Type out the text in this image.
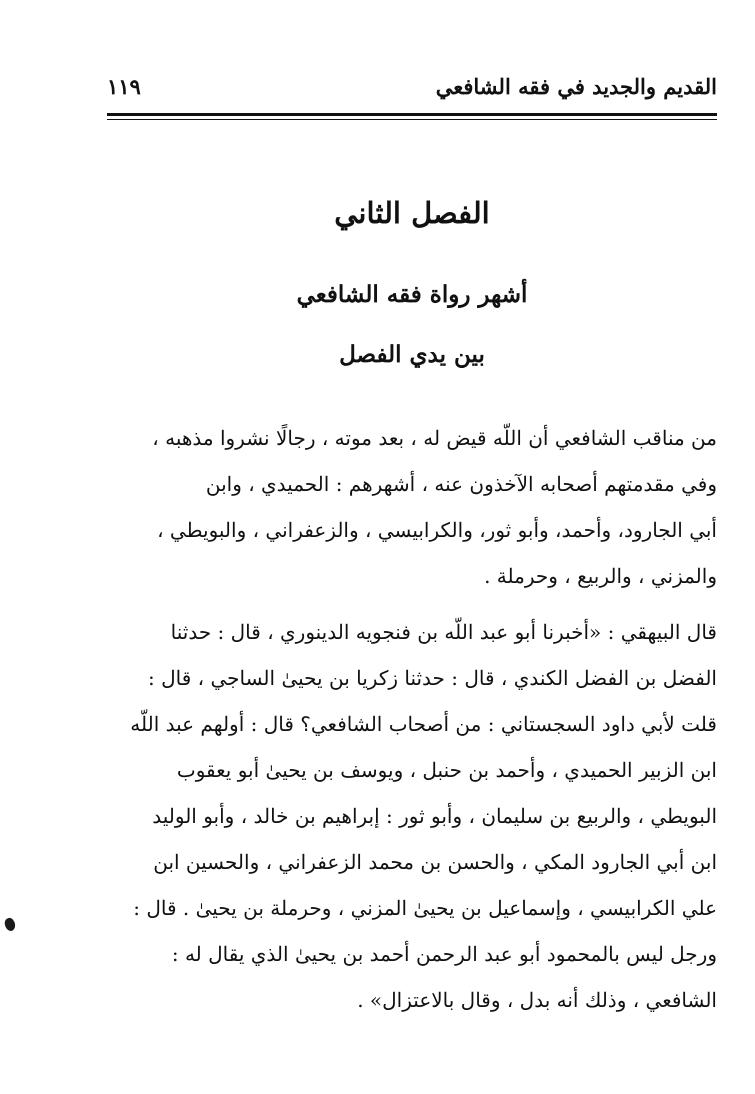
القديم والجديد في فقه الشافعي
١١٩
الفصل الثاني
أشهر رواة فقه الشافعي
بين يدي الفصل
من مناقب الشافعي أن اللّه قيض له ، بعد موته ، رجالًا نشروا مذهبه ،
وفي مقدمتهم أصحابه الآخذون عنه ، أشهرهم : الحميدي ، وابن
أبي الجارود، وأحمد، وأبو ثور، والكرابيسي ، والزعفراني ، والبويطي ،
والمزني ، والربيع ، وحرملة .
قال البيهقي : «أخبرنا أبو عبد اللّه بن فنجويه الدينوري ، قال : حدثنا
الفضل بن الفضل الكندي ، قال : حدثنا زكريا بن يحيىٰ الساجي ، قال :
قلت لأبي داود السجستاني : من أصحاب الشافعي؟ قال : أولهم عبد اللّه
ابن الزبير الحميدي ، وأحمد بن حنبل ، ويوسف بن يحيىٰ أبو يعقوب
البويطي ، والربيع بن سليمان ، وأبو ثور : إبراهيم بن خالد ، وأبو الوليد
ابن أبي الجارود المكي ، والحسن بن محمد الزعفراني ، والحسين ابن
علي الكرابيسي ، وإسماعيل بن يحيىٰ المزني ، وحرملة بن يحيىٰ . قال :
ورجل ليس بالمحمود أبو عبد الرحمن أحمد بن يحيىٰ الذي يقال له :
الشافعي ، وذلك أنه بدل ، وقال بالاعتزال» .
